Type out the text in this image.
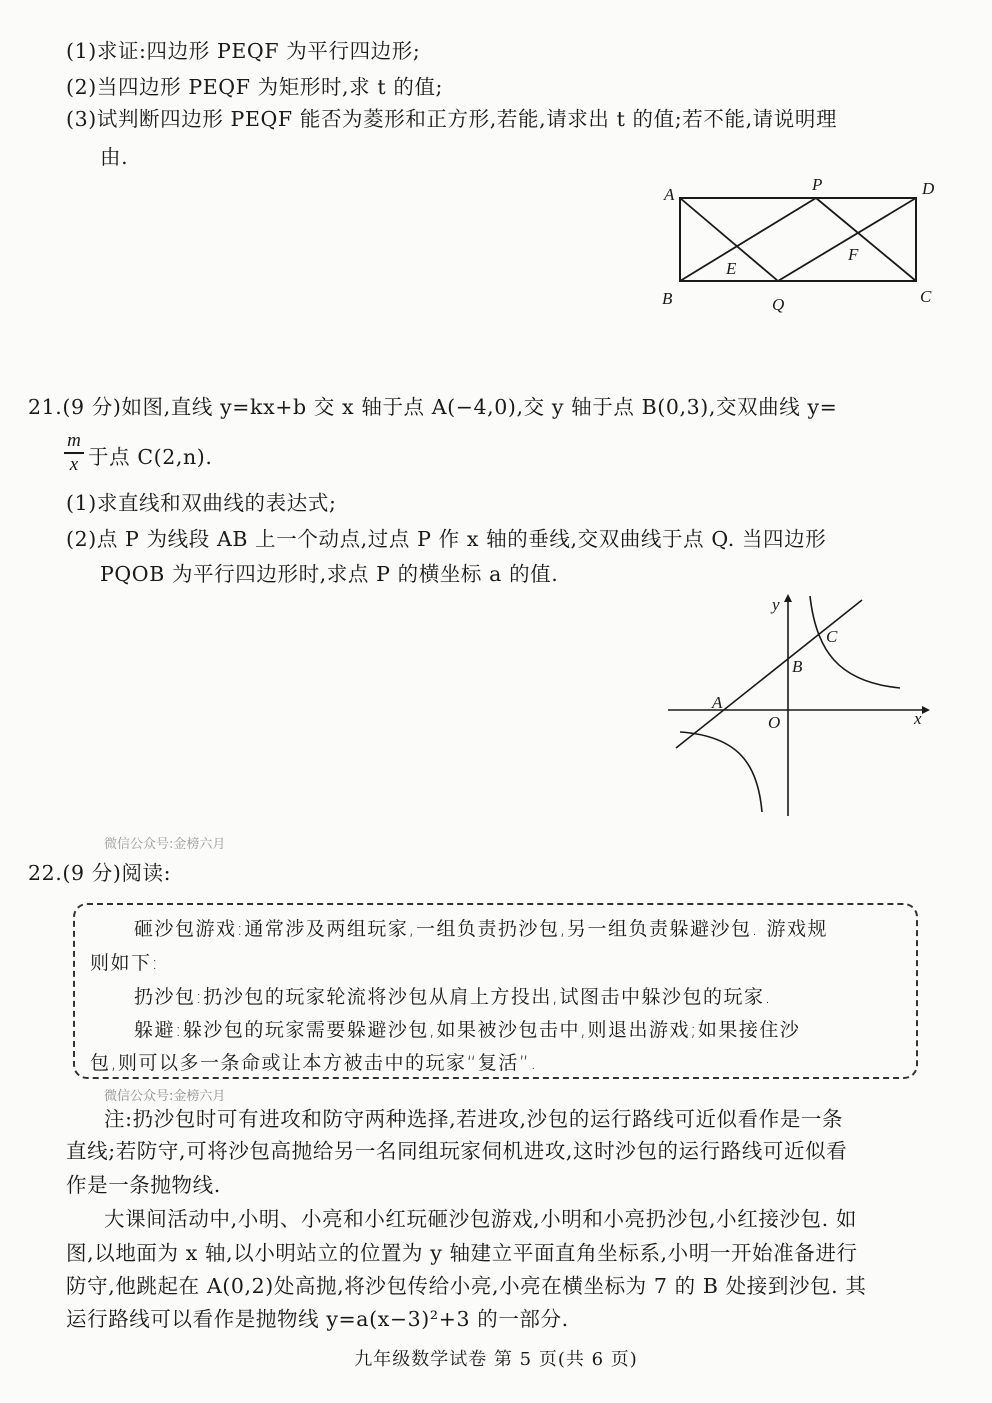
(1)求证:四边形 PEQF 为平行四边形;
(2)当四边形 PEQF 为矩形时,求 t 的值;
(3)试判断四边形 PEQF 能否为菱形和正方形,若能,请求出 t 的值;若不能,请说明理
由.
A
P	D
E
F
B	Q	C
21.(9 分)如图,直线 y=kx+b 交 x 轴于点 A(−4,0),交 y 轴于点 B(0,3),交双曲线 y=
m
x 于点 C(2,n).
(1)求直线和双曲线的表达式;
(2)点 P 为线段 AB 上一个动点,过点 P 作 x 轴的垂线,交双曲线于点 Q. 当四边形
PQOB 为平行四边形时,求点 P 的横坐标 a 的值.
y
x
O
A
B
C
微信公众号:金榜六月
22.(9 分)阅读:
砸沙包游戏:通常涉及两组玩家,一组负责扔沙包,另一组负责躲避沙包. 游戏规
则如下:
扔沙包:扔沙包的玩家轮流将沙包从肩上方投出,试图击中躲沙包的玩家.
躲避:躲沙包的玩家需要躲避沙包,如果被沙包击中,则退出游戏;如果接住沙
包,则可以多一条命或让本方被击中的玩家“复活”.
微信公众号:金榜六月
注:扔沙包时可有进攻和防守两种选择,若进攻,沙包的运行路线可近似看作是一条
直线;若防守,可将沙包高抛给另一名同组玩家伺机进攻,这时沙包的运行路线可近似看
作是一条抛物线.
大课间活动中,小明、小亮和小红玩砸沙包游戏,小明和小亮扔沙包,小红接沙包. 如
图,以地面为 x 轴,以小明站立的位置为 y 轴建立平面直角坐标系,小明一开始准备进行
防守,他跳起在 A(0,2)处高抛,将沙包传给小亮,小亮在横坐标为 7 的 B 处接到沙包. 其
运行路线可以看作是抛物线 y=a(x−3)²+3 的一部分.
九年级数学试卷 第 5 页(共 6 页)
